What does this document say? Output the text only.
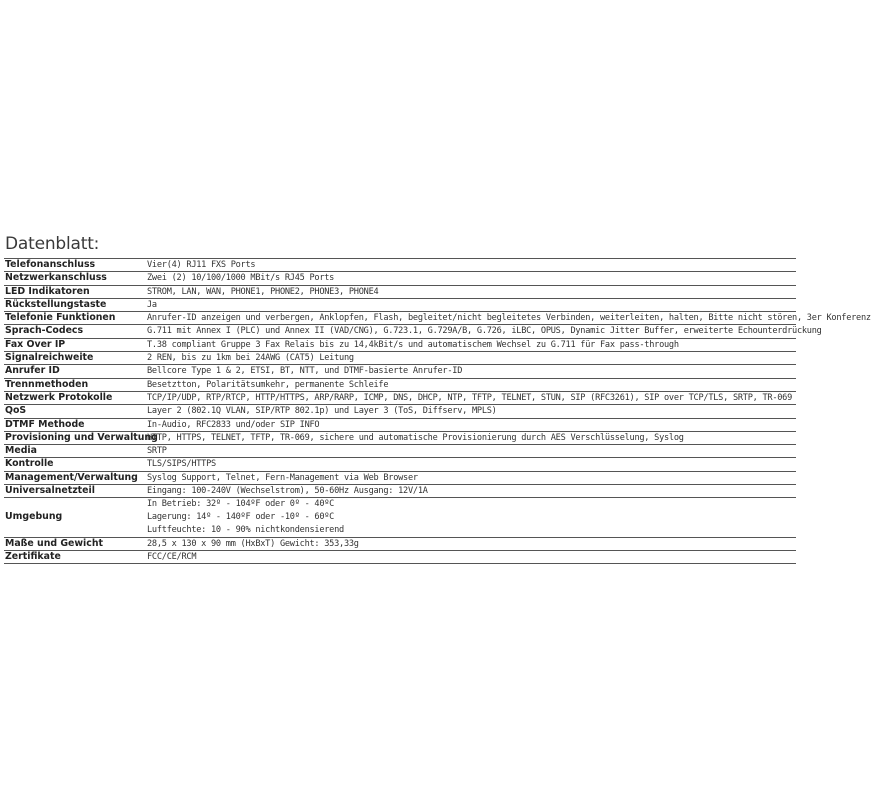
Datenblatt:
Telefonanschluss	Vier(4) RJ11 FXS Ports
Netzwerkanschluss	Zwei (2) 10/100/1000 MBit/s RJ45 Ports
LED Indikatoren	STROM, LAN, WAN, PHONE1, PHONE2, PHONE3, PHONE4
Rückstellungstaste	Ja
Telefonie Funktionen	Anrufer-ID anzeigen und verbergen, Anklopfen, Flash, begleitet/nicht begleitetes Verbinden, weiterleiten, halten, Bitte nicht stören, 3er Konferenz
Sprach-Codecs	G.711 mit Annex I (PLC) und Annex II (VAD/CNG), G.723.1, G.729A/B, G.726, iLBC, OPUS, Dynamic Jitter Buffer, erweiterte Echounterdrückung
Fax Over IP	T.38 compliant Gruppe 3 Fax Relais bis zu 14,4kBit/s und automatischem Wechsel zu G.711 für Fax pass-through
Signalreichweite	2 REN, bis zu 1km bei 24AWG (CAT5) Leitung
Anrufer ID	Bellcore Type 1 & 2, ETSI, BT, NTT, und DTMF-basierte Anrufer-ID
Trennmethoden	Besetztton, Polaritätsumkehr, permanente Schleife
Netzwerk Protokolle	TCP/IP/UDP, RTP/RTCP, HTTP/HTTPS, ARP/RARP, ICMP, DNS, DHCP, NTP, TFTP, TELNET, STUN, SIP (RFC3261), SIP over TCP/TLS, SRTP, TR-069
QoS	Layer 2 (802.1Q VLAN, SIP/RTP 802.1p) und Layer 3 (ToS, Diffserv, MPLS)
DTMF Methode	In-Audio, RFC2833 und/oder SIP INFO
Provisioning und Verwaltung	HTTP, HTTPS, TELNET, TFTP, TR-069, sichere und automatische Provisionierung durch AES Verschlüsselung, Syslog
Media	SRTP
Kontrolle	TLS/SIPS/HTTPS
Management/Verwaltung	Syslog Support, Telnet, Fern-Management via Web Browser
Universalnetzteil	Eingang: 100-240V (Wechselstrom), 50-60Hz Ausgang: 12V/1A
Umgebung	In Betrieb: 32º - 104ºF oder 0º - 40ºC
Lagerung: 14º - 140ºF oder -10º - 60ºC
Luftfeuchte: 10 - 90% nichtkondensierend

Maße und Gewicht	28,5 x 130 x 90 mm (HxBxT) Gewicht: 353,33g
Zertifikate	FCC/CE/RCM
